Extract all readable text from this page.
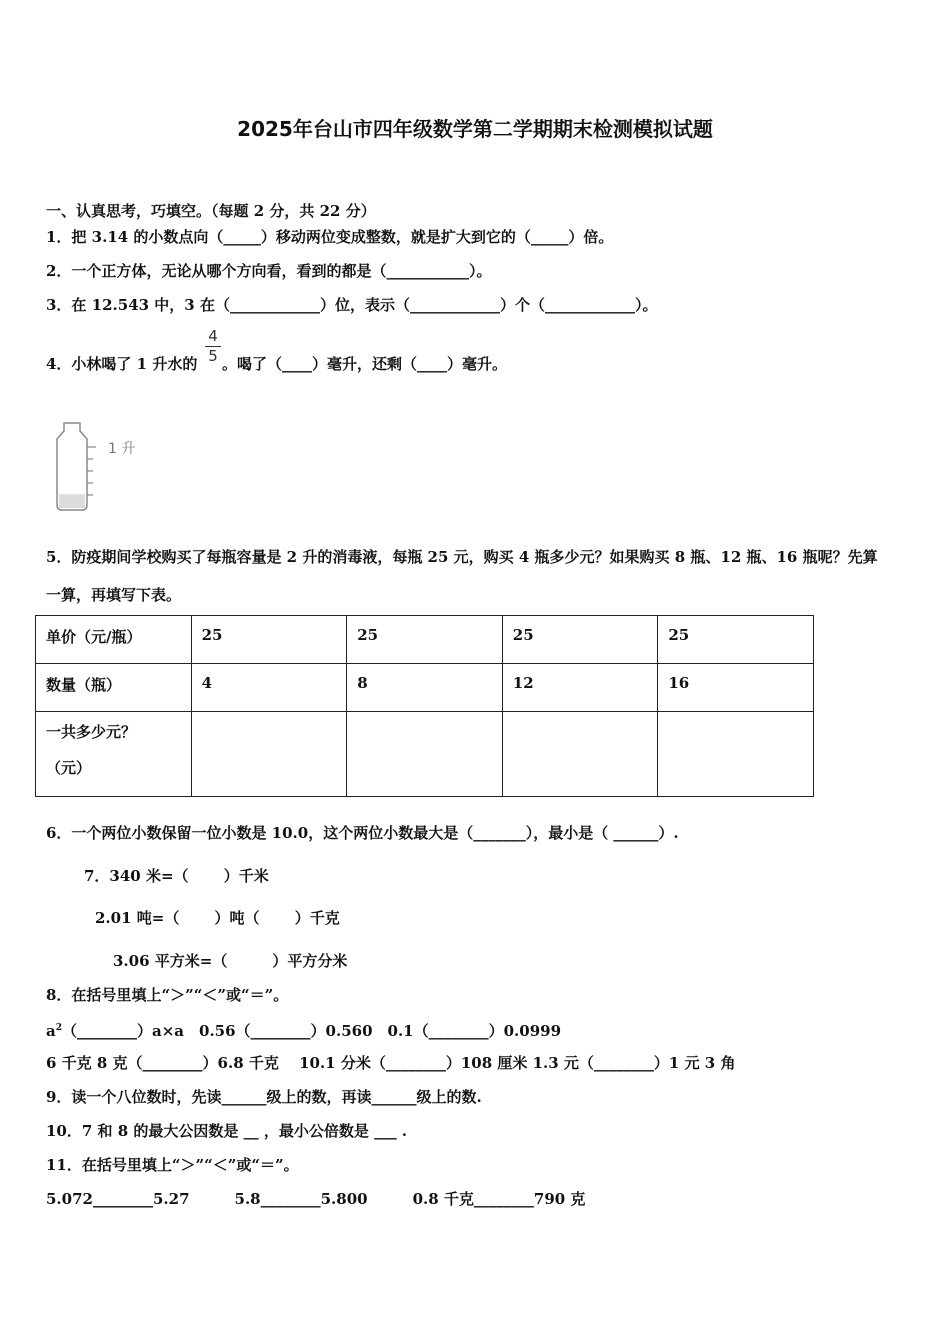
2025年台山市四年级数学第二学期期末检测模拟试题
一、认真思考，巧填空。（每题 2 分，共 22 分）
1．把 3.14 的小数点向（_____）移动两位变成整数，就是扩大到它的（_____）倍。
2．一个正方体，无论从哪个方向看，看到的都是（___________）。
3．在 12.543 中，3 在（____________）位，表示（____________）个（____________）。
4．小林喝了 1 升水的
4
5 。喝了（____）毫升，还剩（____）毫升。
1 升
5．防疫期间学校购买了每瓶容量是 2 升的消毒液，每瓶 25 元，购买 4 瓶多少元？如果购买 8 瓶、12 瓶、16 瓶呢？先算
一算，再填写下表。
单价（元/瓶）	25	25	25	25
数量（瓶）	4	8	12	16

一共多少元？
（元）				

6．一个两位小数保留一位小数是 10.0，这个两位小数最大是（_______），最小是（ ______）.
7．340 米=（　　 ）千米
2.01 吨=（　　 ）吨（　　 ）千克
3.06 平方米=（　　　）平方分米
8．在括号里填上“＞”“＜”或“＝”。
$a^2(\_\_\_\_\_\_\_\_)a\times a$　0.56（________）0.560　0.1（________）0.0999
6 千克 8 克（________）6.8 千克　 10.1 分米（________）108 厘米 1.3 元（________）1 元 3 角
9．读一个八位数时，先读______级上的数，再读______级上的数.
10．7 和 8 的最大公因数是 __ ，最小公倍数是 ___ .
11．在括号里填上“＞”“＜”或“＝”。
5.072________5.27　　　5.8________5.800　　　0.8 千克________790 克
